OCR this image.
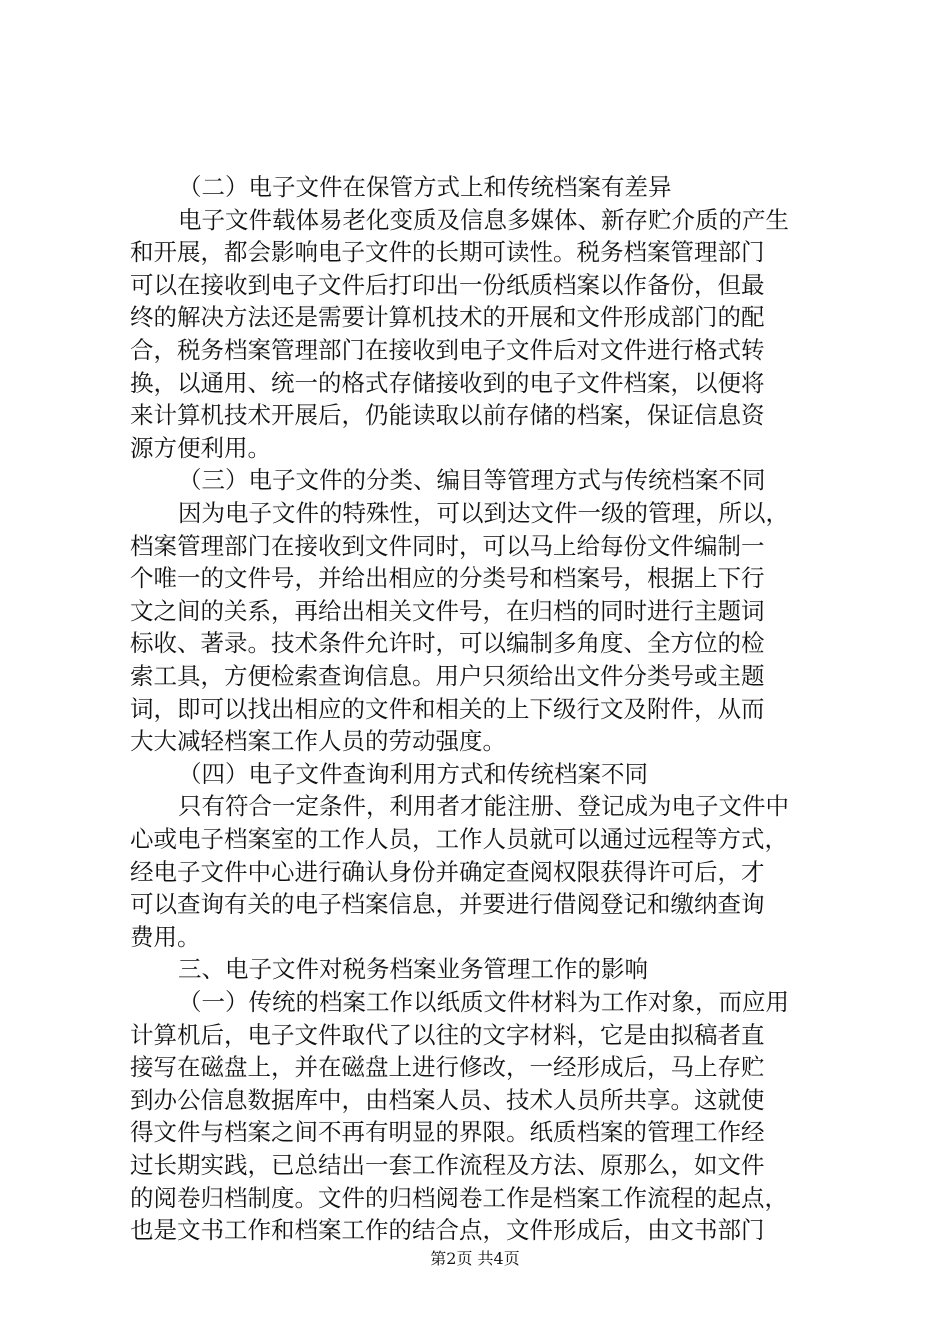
（二）电子文件在保管方式上和传统档案有差异
电子文件载体易老化变质及信息多媒体、新存贮介质的产生
和开展，都会影响电子文件的长期可读性。税务档案管理部门
可以在接收到电子文件后打印出一份纸质档案以作备份，但最
终的解决方法还是需要计算机技术的开展和文件形成部门的配
合，税务档案管理部门在接收到电子文件后对文件进行格式转
换，以通用、统一的格式存储接收到的电子文件档案，以便将
来计算机技术开展后，仍能读取以前存储的档案，保证信息资
源方便利用。
（三）电子文件的分类、编目等管理方式与传统档案不同
因为电子文件的特殊性，可以到达文件一级的管理，所以，
档案管理部门在接收到文件同时，可以马上给每份文件编制一
个唯一的文件号，并给出相应的分类号和档案号，根据上下行
文之间的关系，再给出相关文件号，在归档的同时进行主题词
标收、著录。技术条件允许时，可以编制多角度、全方位的检
索工具，方便检索查询信息。用户只须给出文件分类号或主题
词，即可以找出相应的文件和相关的上下级行文及附件，从而
大大减轻档案工作人员的劳动强度。
（四）电子文件查询利用方式和传统档案不同
只有符合一定条件，利用者才能注册、登记成为电子文件中
心或电子档案室的工作人员，工作人员就可以通过远程等方式，
经电子文件中心进行确认身份并确定查阅权限获得许可后，才
可以查询有关的电子档案信息，并要进行借阅登记和缴纳查询
费用。
三、电子文件对税务档案业务管理工作的影响
（一）传统的档案工作以纸质文件材料为工作对象，而应用
计算机后，电子文件取代了以往的文字材料，它是由拟稿者直
接写在磁盘上，并在磁盘上进行修改，一经形成后，马上存贮
到办公信息数据库中，由档案人员、技术人员所共享。这就使
得文件与档案之间不再有明显的界限。纸质档案的管理工作经
过长期实践，已总结出一套工作流程及方法、原那么，如文件
的阅卷归档制度。文件的归档阅卷工作是档案工作流程的起点，
也是文书工作和档案工作的结合点，文件形成后，由文书部门
第2页 共4页
